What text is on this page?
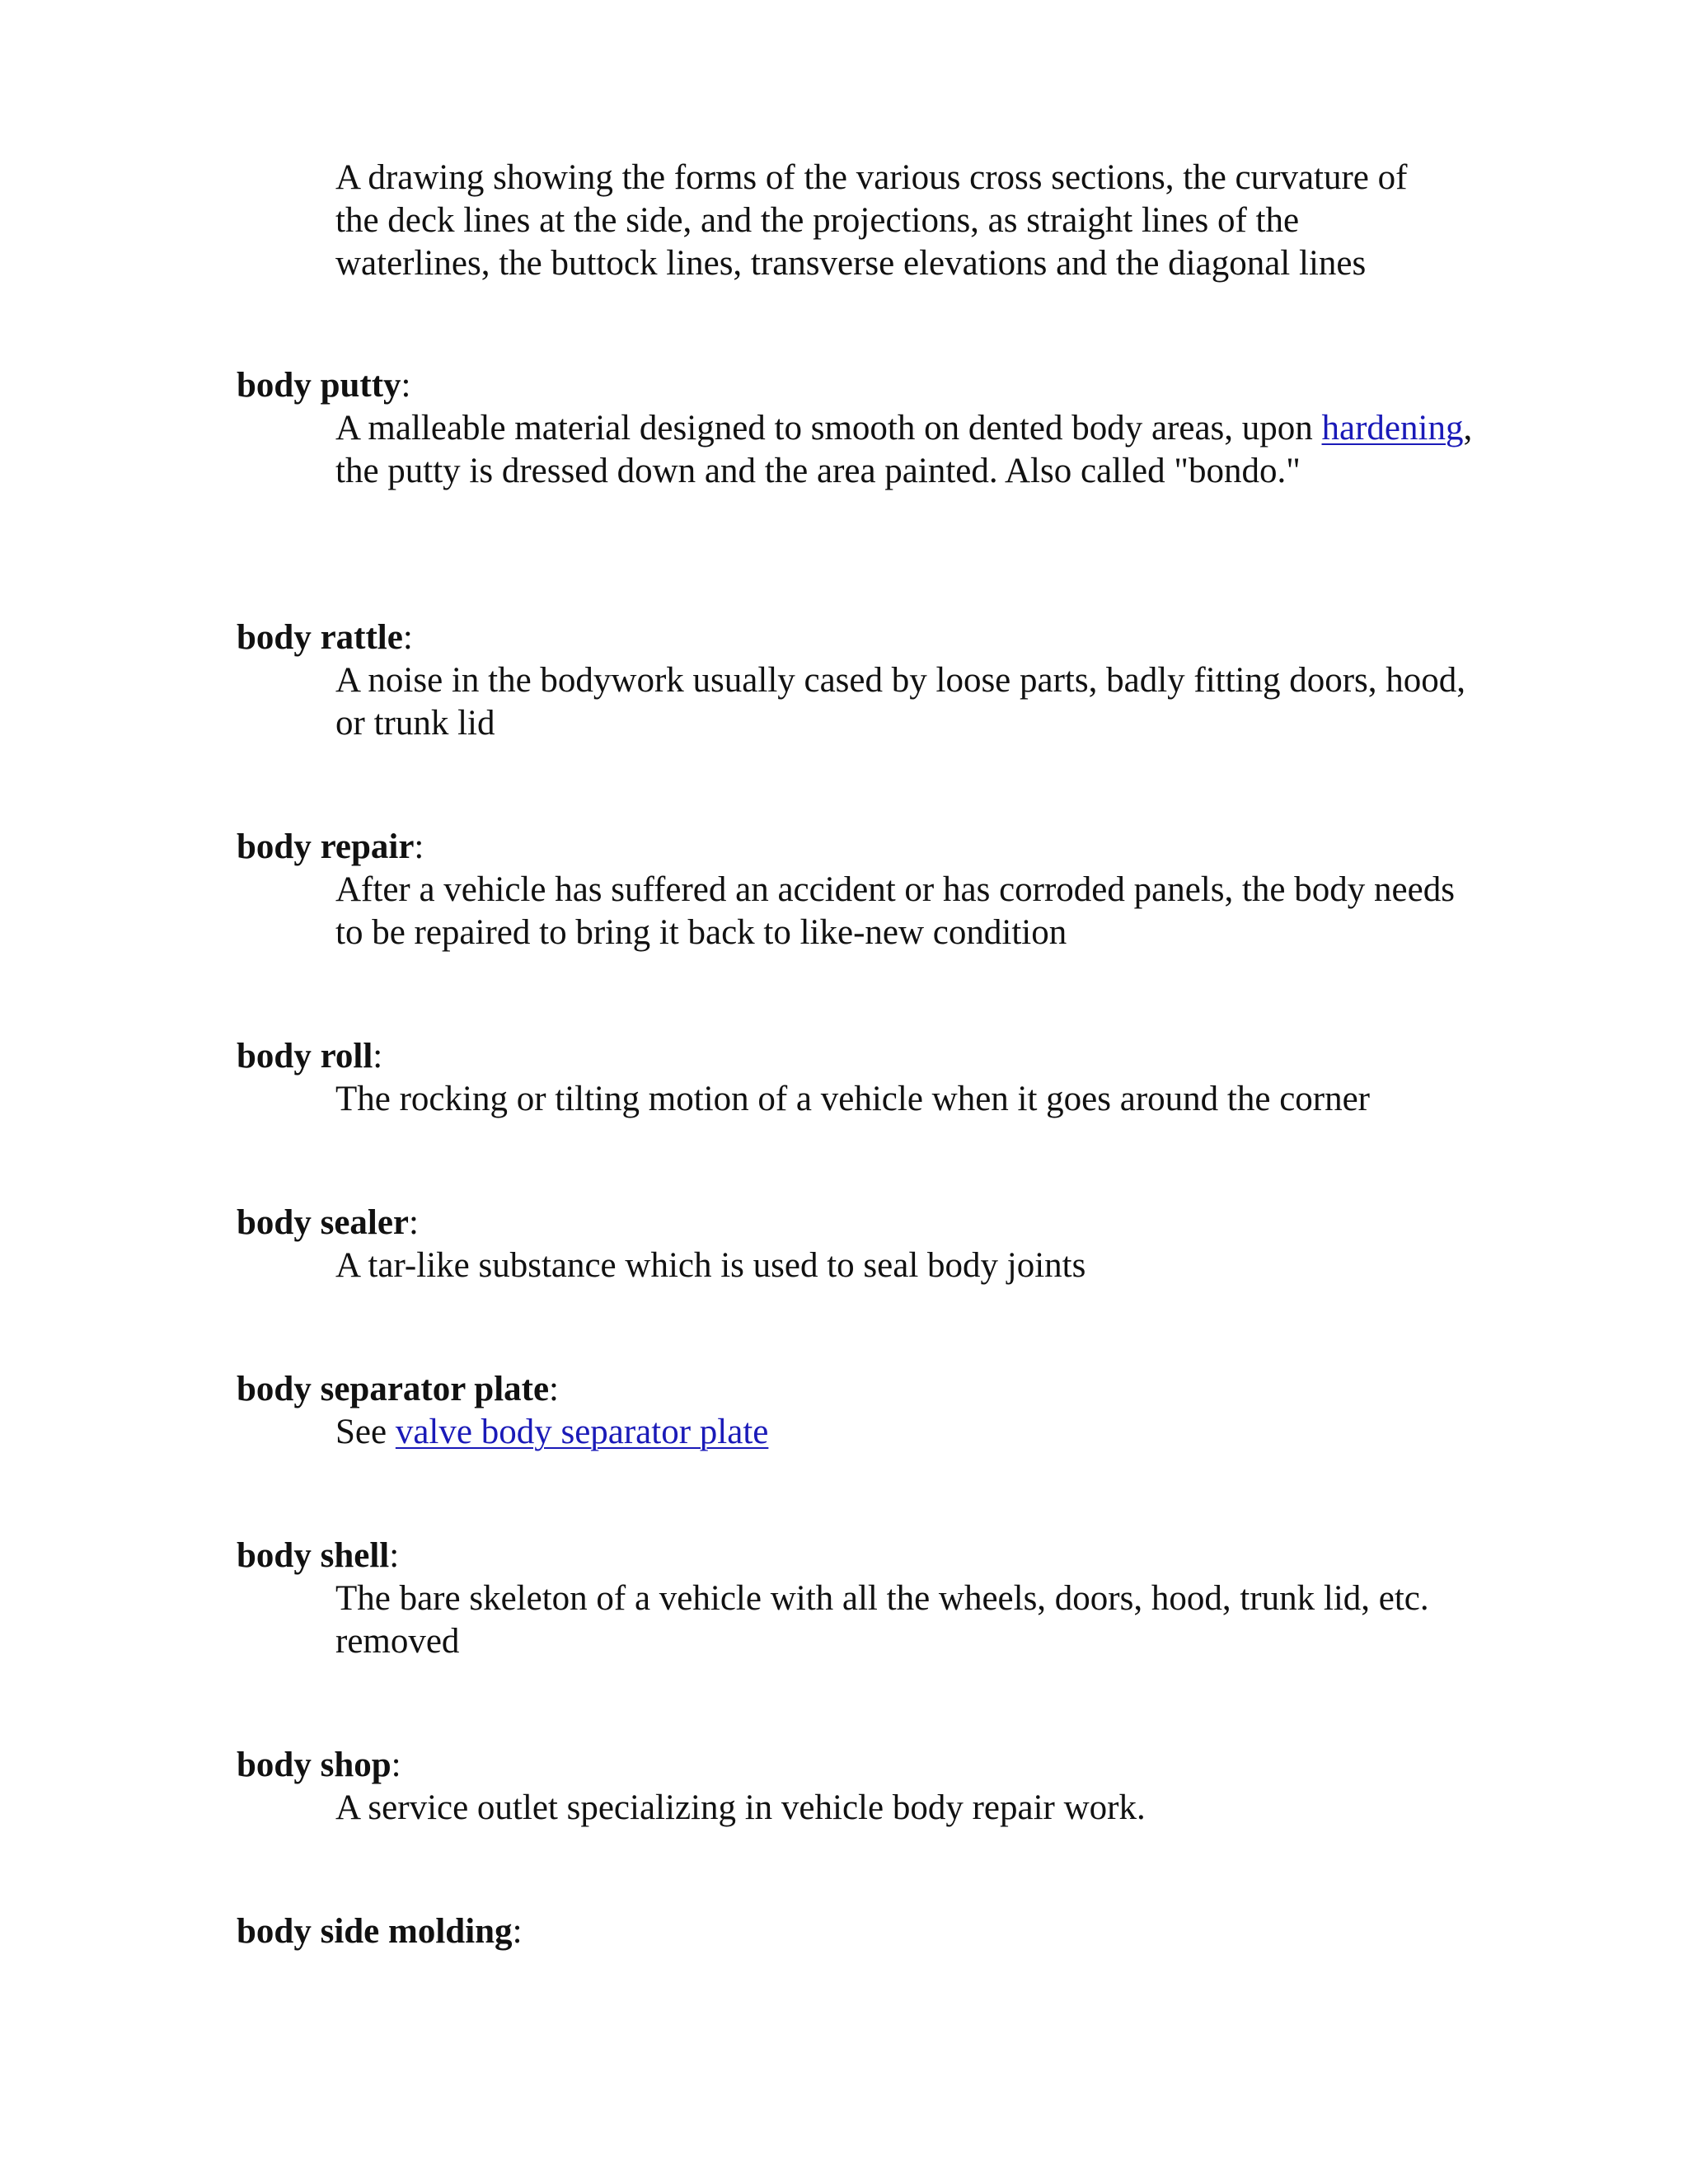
A drawing showing the forms of the various cross sections, the curvature of the deck lines at the side, and the projections, as straight lines of the waterlines, the buttock lines, transverse elevations and the diagonal lines
body putty:
A malleable material designed to smooth on dented body areas, upon hardening, the putty is dressed down and the area painted. Also called "bondo."
body rattle:
A noise in the bodywork usually cased by loose parts, badly fitting doors, hood, or trunk lid
body repair:
After a vehicle has suffered an accident or has corroded panels, the body needs to be repaired to bring it back to like-new condition
body roll:
The rocking or tilting motion of a vehicle when it goes around the corner
body sealer:
A tar-like substance which is used to seal body joints
body separator plate:
See valve body separator plate
body shell:
The bare skeleton of a vehicle with all the wheels, doors, hood, trunk lid, etc. removed
body shop:
A service outlet specializing in vehicle body repair work.
body side molding:
